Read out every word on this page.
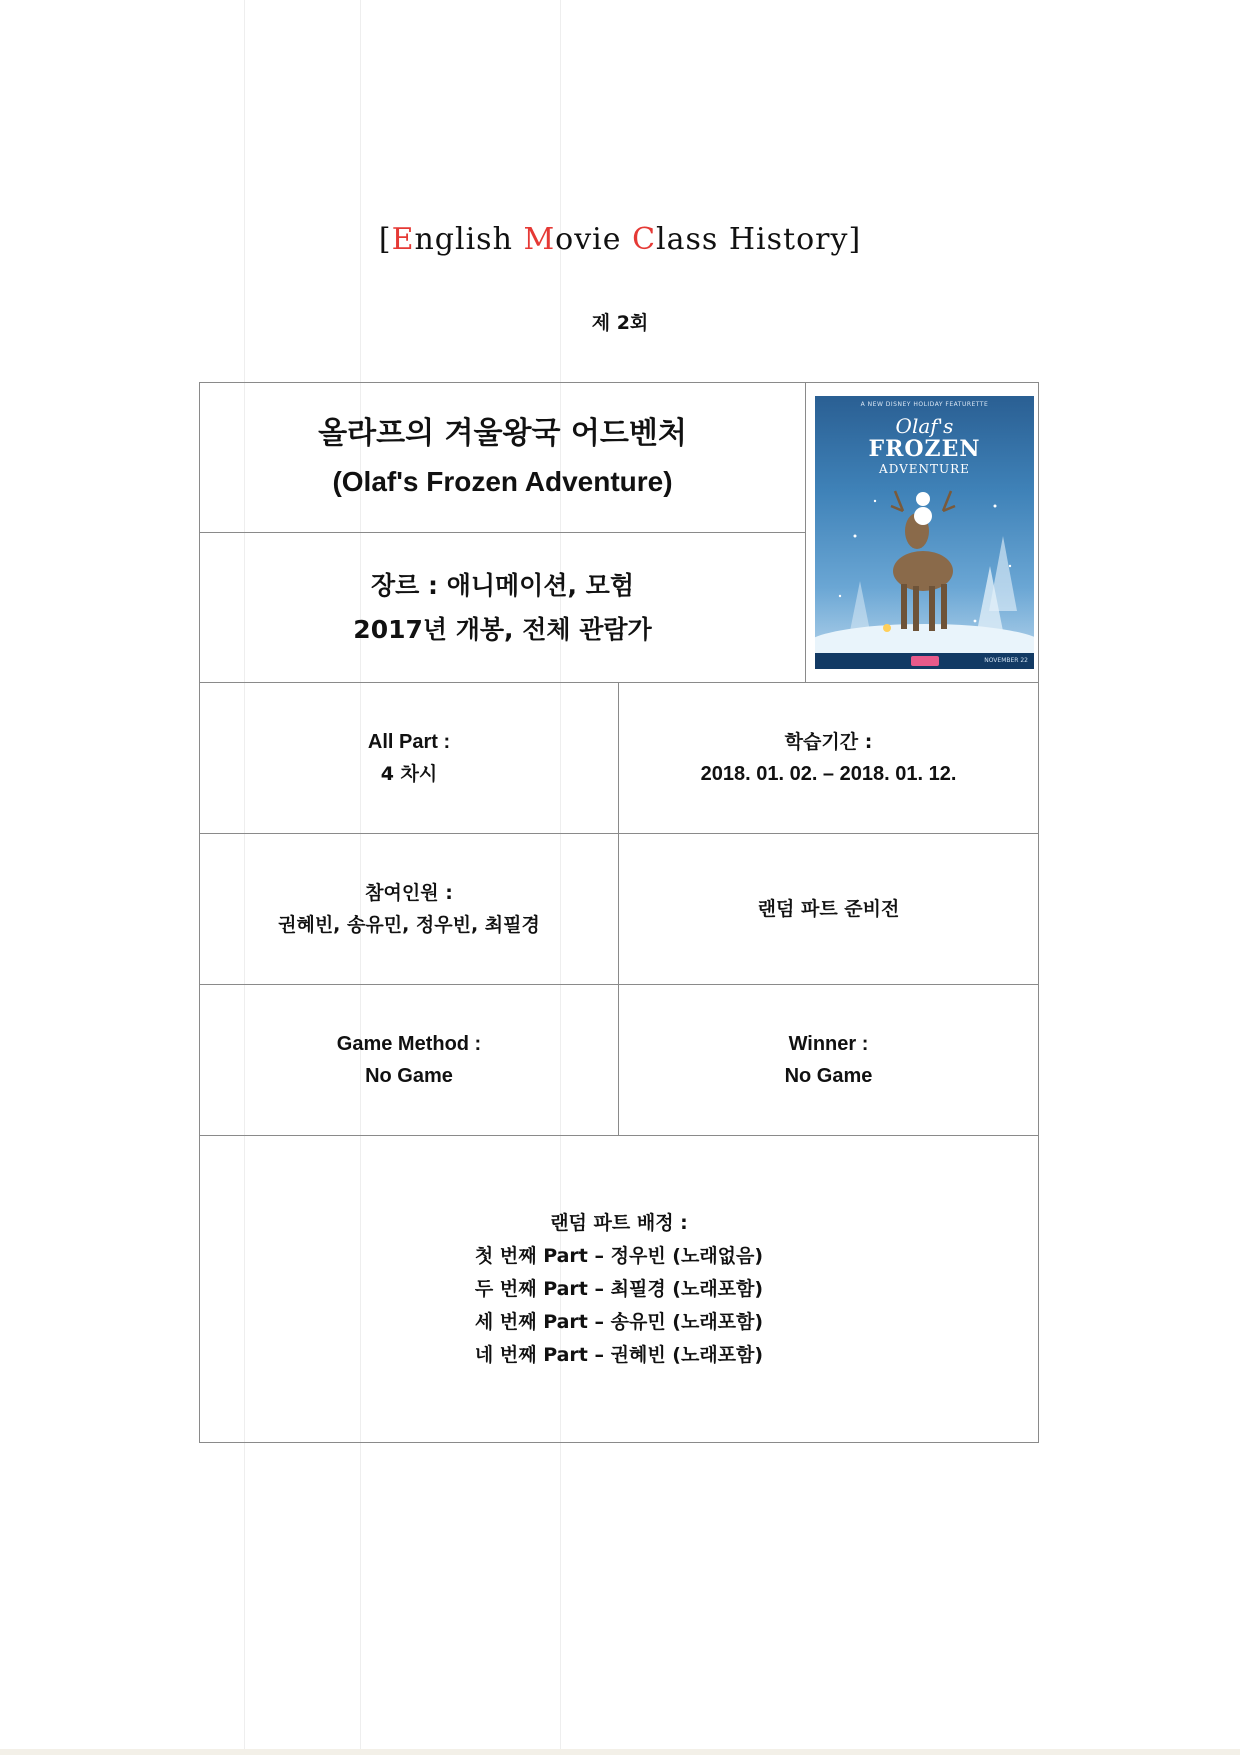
[English Movie Class History]
제 2회
올라프의 겨울왕국 어드벤처
(Olaf's Frozen Adventure)
장르 : 애니메이션, 모험
2017년 개봉, 전체 관람가
A NEW DISNEY HOLIDAY FEATURETTE
Olaf's
FROZEN
ADVENTURE
NOVEMBER 22
All Part :
4 차시
학습기간 :
2018. 01. 02. – 2018. 01. 12.
참여인원 :
권혜빈, 송유민, 정우빈, 최필경
랜덤 파트 준비전
Game Method :
No Game
Winner :
No Game
랜덤 파트 배정 :
첫 번째 Part – 정우빈 (노래없음)
두 번째 Part – 최필경 (노래포함)
세 번째 Part – 송유민 (노래포함)
네 번째 Part – 권혜빈 (노래포함)
